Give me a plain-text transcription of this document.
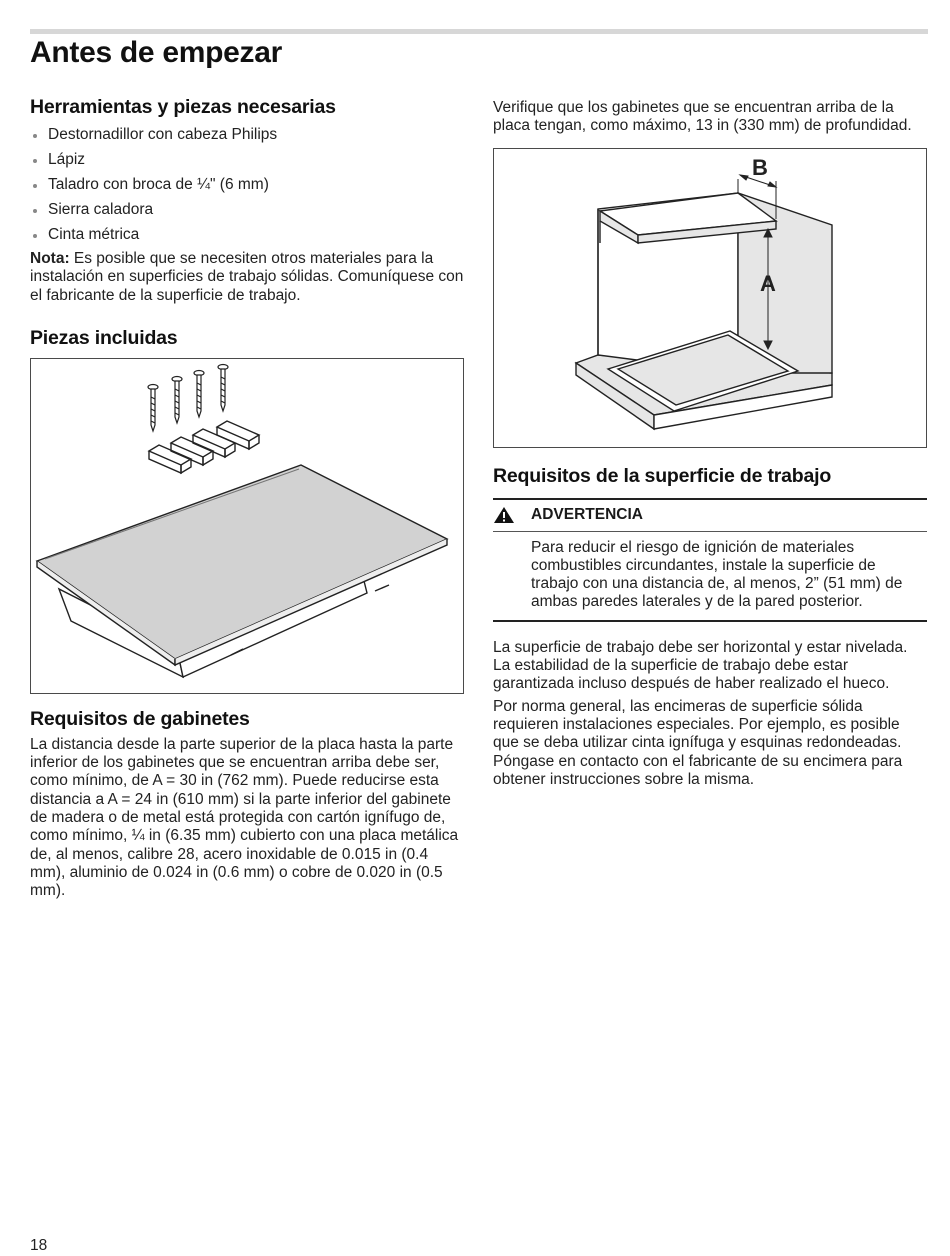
Antes de empezar
Herramientas y piezas necesarias
Destornadillor con cabeza Philips
Lápiz
Taladro con broca de ¼" (6 mm)
Sierra caladora
Cinta métrica

Nota: Es posible que se necesiten otros materiales para la instalación en superficies de trabajo sólidas. Comuníquese con el fabricante de la superficie de trabajo.

Piezas incluidas
Requisitos de gabinetes

La distancia desde la parte superior de la placa hasta la parte inferior de los gabinetes que se encuentran arriba debe ser, como mínimo, de A = 30 in (762 mm). Puede reducirse esta distancia a A = 24 in (610 mm) si la parte inferior del gabinete de madera o de metal está protegida con cartón ignífugo de, como mínimo, ¼ in (6.35 mm) cubierto con una placa metálica de, al menos, calibre 28, acero inoxidable de 0.015 in (0.4 mm), aluminio de 0.024 in (0.6 mm) o cobre de 0.020 in (0.5 mm).

Verifique que los gabinetes que se encuentran arriba de la placa tengan, como máximo, 13 in (330 mm) de profundidad.

A
B
Requisitos de la superficie de trabajo
ADVERTENCIA

Para reducir el riesgo de ignición de materiales combustibles circundantes, instale la superficie de trabajo con una distancia de, al menos, 2” (51 mm) de ambas paredes laterales y de la pared posterior.

La superficie de trabajo debe ser horizontal y estar nivelada. La estabilidad de la superficie de trabajo debe estar garantizada incluso después de haber realizado el hueco.

Por norma general, las encimeras de superficie sólida requieren instalaciones especiales. Por ejemplo, es posible que se deba utilizar cinta ignífuga y esquinas redondeadas. Póngase en contacto con el fabricante de su encimera para obtener instrucciones sobre la misma.

18
